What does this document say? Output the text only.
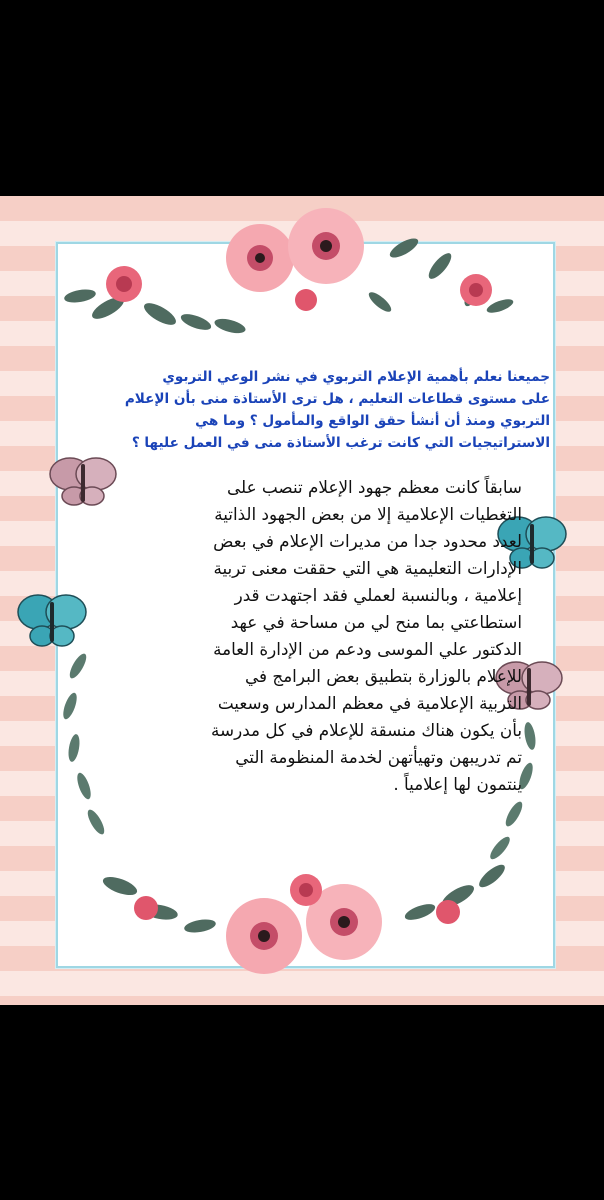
جميعنا نعلم بأهمية الإعلام التربوي في نشر الوعي التربوي

على مستوى قطاعات التعليم ، هل ترى الأستاذة منى بأن الإعلام

التربوي ومنذ أن أنشأ حقق الواقع والمأمول ؟ وما هي

الاستراتيجيات التي كانت ترغب الأستاذة منى في العمل عليها ؟

سابقاً كانت معظم جهود الإعلام تنصب على

التغطيات الإعلامية إلا من بعض الجهود الذاتية

لعدد محدود جدا من مديرات الإعلام في بعض

الإدارات التعليمية هي التي حققت معنى تربية

إعلامية ، وبالنسبة لعملي فقد اجتهدت قدر

استطاعتي بما منح لي من مساحة في عهد

الدكتور علي الموسى ودعم من الإدارة العامة

للإعلام بالوزارة بتطبيق بعض البرامج في

التربية الإعلامية في معظم المدارس وسعيت

بأن يكون هناك منسقة للإعلام في كل مدرسة

تم تدريبهن وتهيأتهن لخدمة المنظومة التي

ينتمون لها إعلامياً .
